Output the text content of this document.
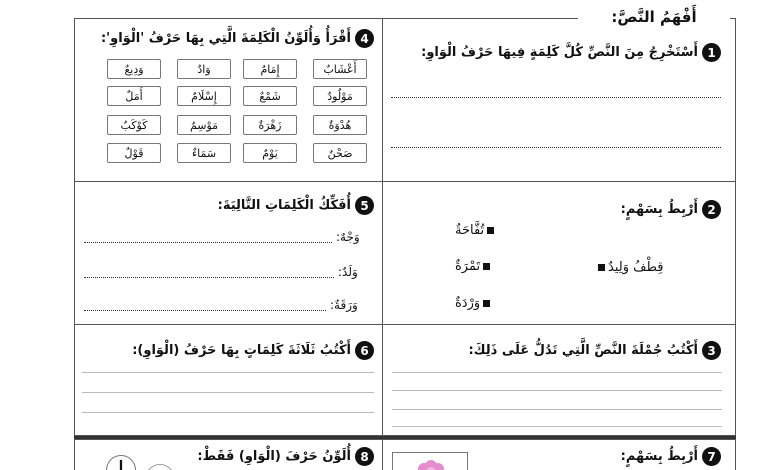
أَفْهَمُ النَّصَّ:
1
أَسْتَخْرِجُ مِنَ النَّصِّ كُلَّ كَلِمَةٍ فِيهَا حَرْفُ الْوَاوِ:
4
أَقْرَأُ وَأُلَوِّنُ الْكَلِمَةَ الَّتِي بِهَا حَرْفُ 'الْوَاوِ':
أَعْشَابٌ
إِمَامٌ
وَادٌ
وَدِيعٌ
مَوْلُودٌ
شَمْعٌ
إِسْلَامٌ
أَمَلٌ
هُدْوَةٌ
زَهْرَةٌ
مَوْسِمٌ
كَوْكَبٌ
صَحْنٌ
يَوْمٌ
سَمَاءٌ
قَوْلٌ
2
أَرْبِطُ بِسَهْمٍ:
قِطْفُ وَلِيدٌ
تُفَّاحَةٌ
تَمْرَةٌ
وَرْدَةٌ
5
أُفَكِّكُ الْكَلِمَاتِ التَّالِيَةَ:
وَجْهٌ:
وَلَدٌ:
وَرَقَةٌ:
3
أَكْتُبُ جُمْلَةَ النَّصِّ الَّتِي تَدُلُّ عَلَى ذَلِكَ:
6
أَكْتُبُ ثَلَاثَةَ كَلِمَاتٍ بِهَا حَرْفُ (الْوَاوِ):
7
أَرْبِطُ بِسَهْمٍ:
8
أُلَوِّنُ حَرْفَ (الْوَاوِ) فَقَطْ:
ا
